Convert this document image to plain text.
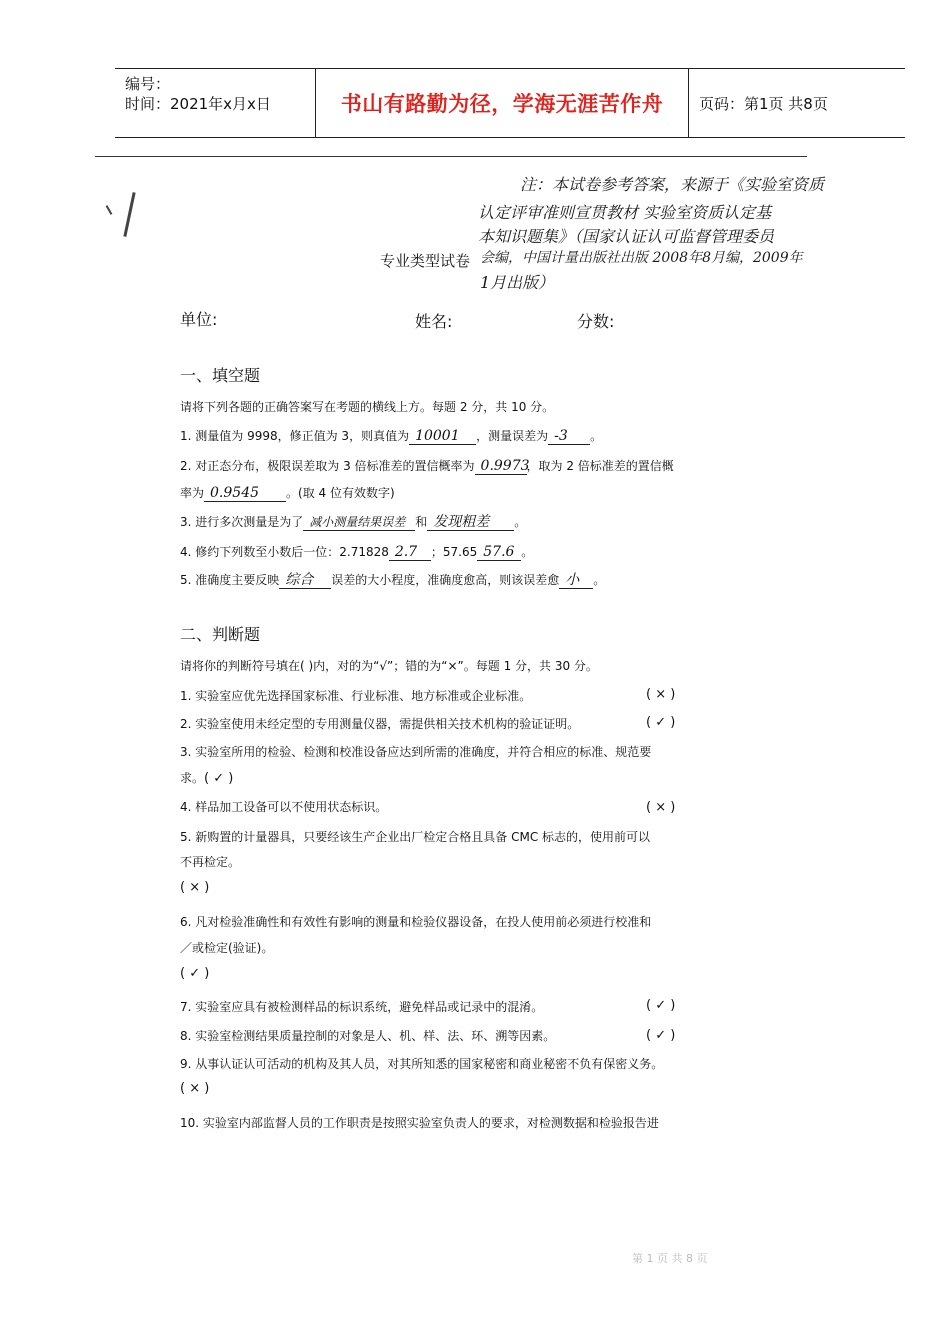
编号：
时间：2021年x月x日	书山有路勤为径，学海无涯苦作舟	页码：第1页 共8页
注：本试卷参考答案，来源于《实验室资质
认定评审准则宣贯教材 实验室资质认定基
本知识题集》（国家认证认可监督管理委员
会编，中国计量出版社出版 2008年8月编，2009年
1月出版）
专业类型试卷
单位:	姓名:	分数:
一、填空题
请将下列各题的正确答案写在考题的横线上方。每题 2 分，共 10 分。
1. 测量值为 9998，修正值为 3，则真值为 10001 ，测量误差为 -3 。
2. 对正态分布，极限误差取为 3 倍标准差的置信概率为 0.9973，取为 2 倍标准差的置信概
率为 0.9545 。(取 4 位有效数字)
3. 进行多次测量是为了 减小测量结果误差 和 发现粗差 。
4. 修约下列数至小数后一位：2.71828 2.7 ；57.65 57.6 。
5. 准确度主要反映 综合 误差的大小程度，准确度愈高，则该误差愈 小 。
二、判断题
请将你的判断符号填在( )内，对的为“√”；错的为“×”。每题 1 分，共 30 分。
1. 实验室应优先选择国家标准、行业标准、地方标准或企业标准。	( × )
2. 实验室使用未经定型的专用测量仪器，需提供相关技术机构的验证证明。	( ✓ )
3. 实验室所用的检验、检测和校准设备应达到所需的准确度，并符合相应的标准、规范要
求。( ✓ )
4. 样品加工设备可以不使用状态标识。	( × )
5. 新购置的计量器具，只要经该生产企业出厂检定合格且具备 CMC 标志的，使用前可以
不再检定。
( × )
6. 凡对检验准确性和有效性有影响的测量和检验仪器设备，在投人使用前必须进行校准和
／或检定(验证)。
( ✓ )
7. 实验室应具有被检测样品的标识系统，避免样品或记录中的混淆。	( ✓ )
8. 实验室检测结果质量控制的对象是人、机、样、法、环、溯等因素。	( ✓ )
9. 从事认证认可活动的机构及其人员，对其所知悉的国家秘密和商业秘密不负有保密义务。
( × )
10. 实验室内部监督人员的工作职责是按照实验室负责人的要求，对检测数据和检验报告进
第 1 页 共 8 页
